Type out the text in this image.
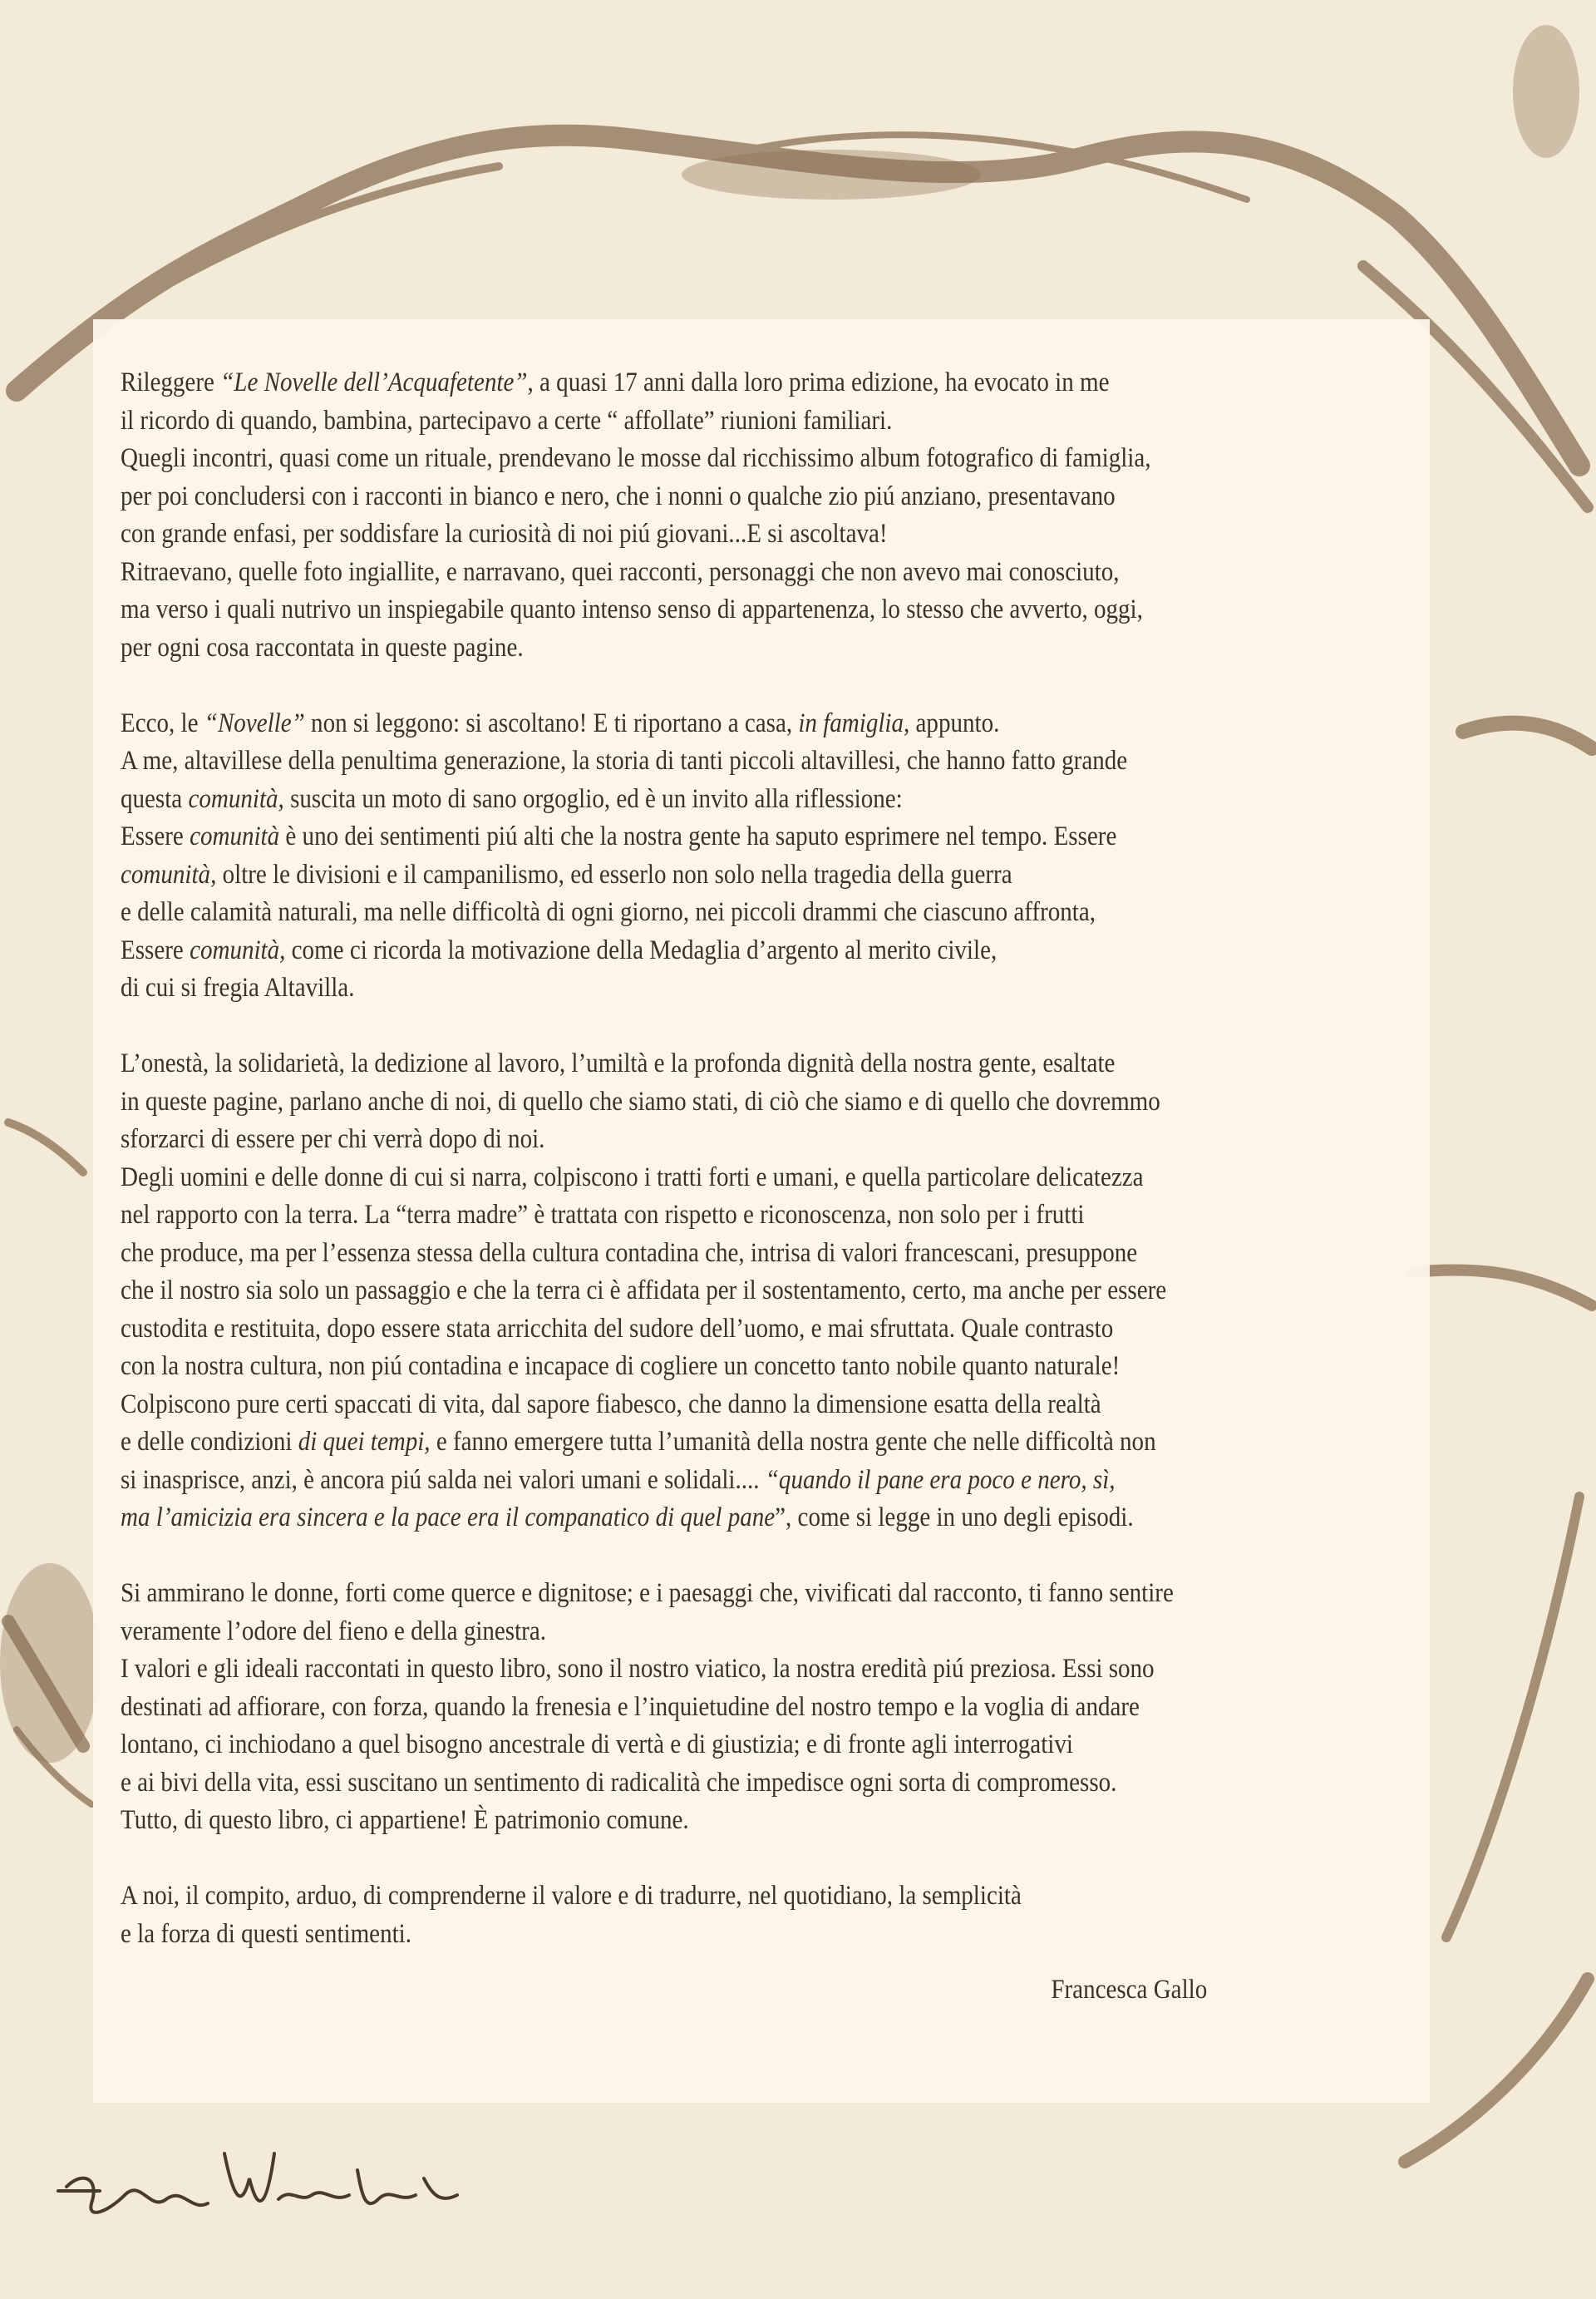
Rileggere “Le Novelle dell’Acquafetente”, a quasi 17 anni dalla loro prima edizione, ha evocato in me
il ricordo di quando, bambina, partecipavo a certe “ affollate” riunioni familiari.
Quegli incontri, quasi come un rituale, prendevano le mosse dal ricchissimo album fotografico di famiglia,
per poi concludersi con i racconti in bianco e nero, che i nonni o qualche zio piú anziano, presentavano
con grande enfasi, per soddisfare la curiosità di noi piú giovani...E si ascoltava!
Ritraevano, quelle foto ingiallite, e narravano, quei racconti, personaggi che non avevo mai conosciuto,
ma verso i quali nutrivo un inspiegabile quanto intenso senso di appartenenza, lo stesso che avverto, oggi,
per ogni cosa raccontata in queste pagine.
Ecco, le “Novelle” non si leggono: si ascoltano! E ti riportano a casa, in famiglia, appunto.
A me, altavillese della penultima generazione, la storia di tanti piccoli altavillesi, che hanno fatto grande
questa comunità, suscita un moto di sano orgoglio, ed è un invito alla riflessione:
Essere comunità è uno dei sentimenti piú alti che la nostra gente ha saputo esprimere nel tempo. Essere
comunità, oltre le divisioni e il campanilismo, ed esserlo non solo nella tragedia della guerra
e delle calamità naturali, ma nelle difficoltà di ogni giorno, nei piccoli drammi che ciascuno affronta,
Essere comunità, come ci ricorda la motivazione della Medaglia d’argento al merito civile,
di cui si fregia Altavilla.
L’onestà, la solidarietà, la dedizione al lavoro, l’umiltà e la profonda dignità della nostra gente, esaltate
in queste pagine, parlano anche di noi, di quello che siamo stati, di ciò che siamo e di quello che dovremmo
sforzarci di essere per chi verrà dopo di noi.
Degli uomini e delle donne di cui si narra, colpiscono i tratti forti e umani, e quella particolare delicatezza
nel rapporto con la terra. La “terra madre” è trattata con rispetto e riconoscenza, non solo per i frutti
che produce, ma per l’essenza stessa della cultura contadina che, intrisa di valori francescani, presuppone
che il nostro sia solo un passaggio e che la terra ci è affidata per il sostentamento, certo, ma anche per essere
custodita e restituita, dopo essere stata arricchita del sudore dell’uomo, e mai sfruttata. Quale contrasto
con la nostra cultura, non piú contadina e incapace di cogliere un concetto tanto nobile quanto naturale!
Colpiscono pure certi spaccati di vita, dal sapore fiabesco, che danno la dimensione esatta della realtà
e delle condizioni di quei tempi, e fanno emergere tutta l’umanità della nostra gente che nelle difficoltà non
si inasprisce, anzi, è ancora piú salda nei valori umani e solidali.... “quando il pane era poco e nero, sì,
ma l’amicizia era sincera e la pace era il companatico di quel pane”, come si legge in uno degli episodi.
Si ammirano le donne, forti come querce e dignitose; e i paesaggi che, vivificati dal racconto, ti fanno sentire
veramente l’odore del fieno e della ginestra.
I valori e gli ideali raccontati in questo libro, sono il nostro viatico, la nostra eredità piú preziosa. Essi sono
destinati ad affiorare, con forza, quando la frenesia e l’inquietudine del nostro tempo e la voglia di andare
lontano, ci inchiodano a quel bisogno ancestrale di vertà e di giustizia; e di fronte agli interrogativi
e ai bivi della vita, essi suscitano un sentimento di radicalità che impedisce ogni sorta di compromesso.
Tutto, di questo libro, ci appartiene! È patrimonio comune.
A noi, il compito, arduo, di comprenderne il valore e di tradurre, nel quotidiano, la semplicità
e la forza di questi sentimenti.
Francesca Gallo
